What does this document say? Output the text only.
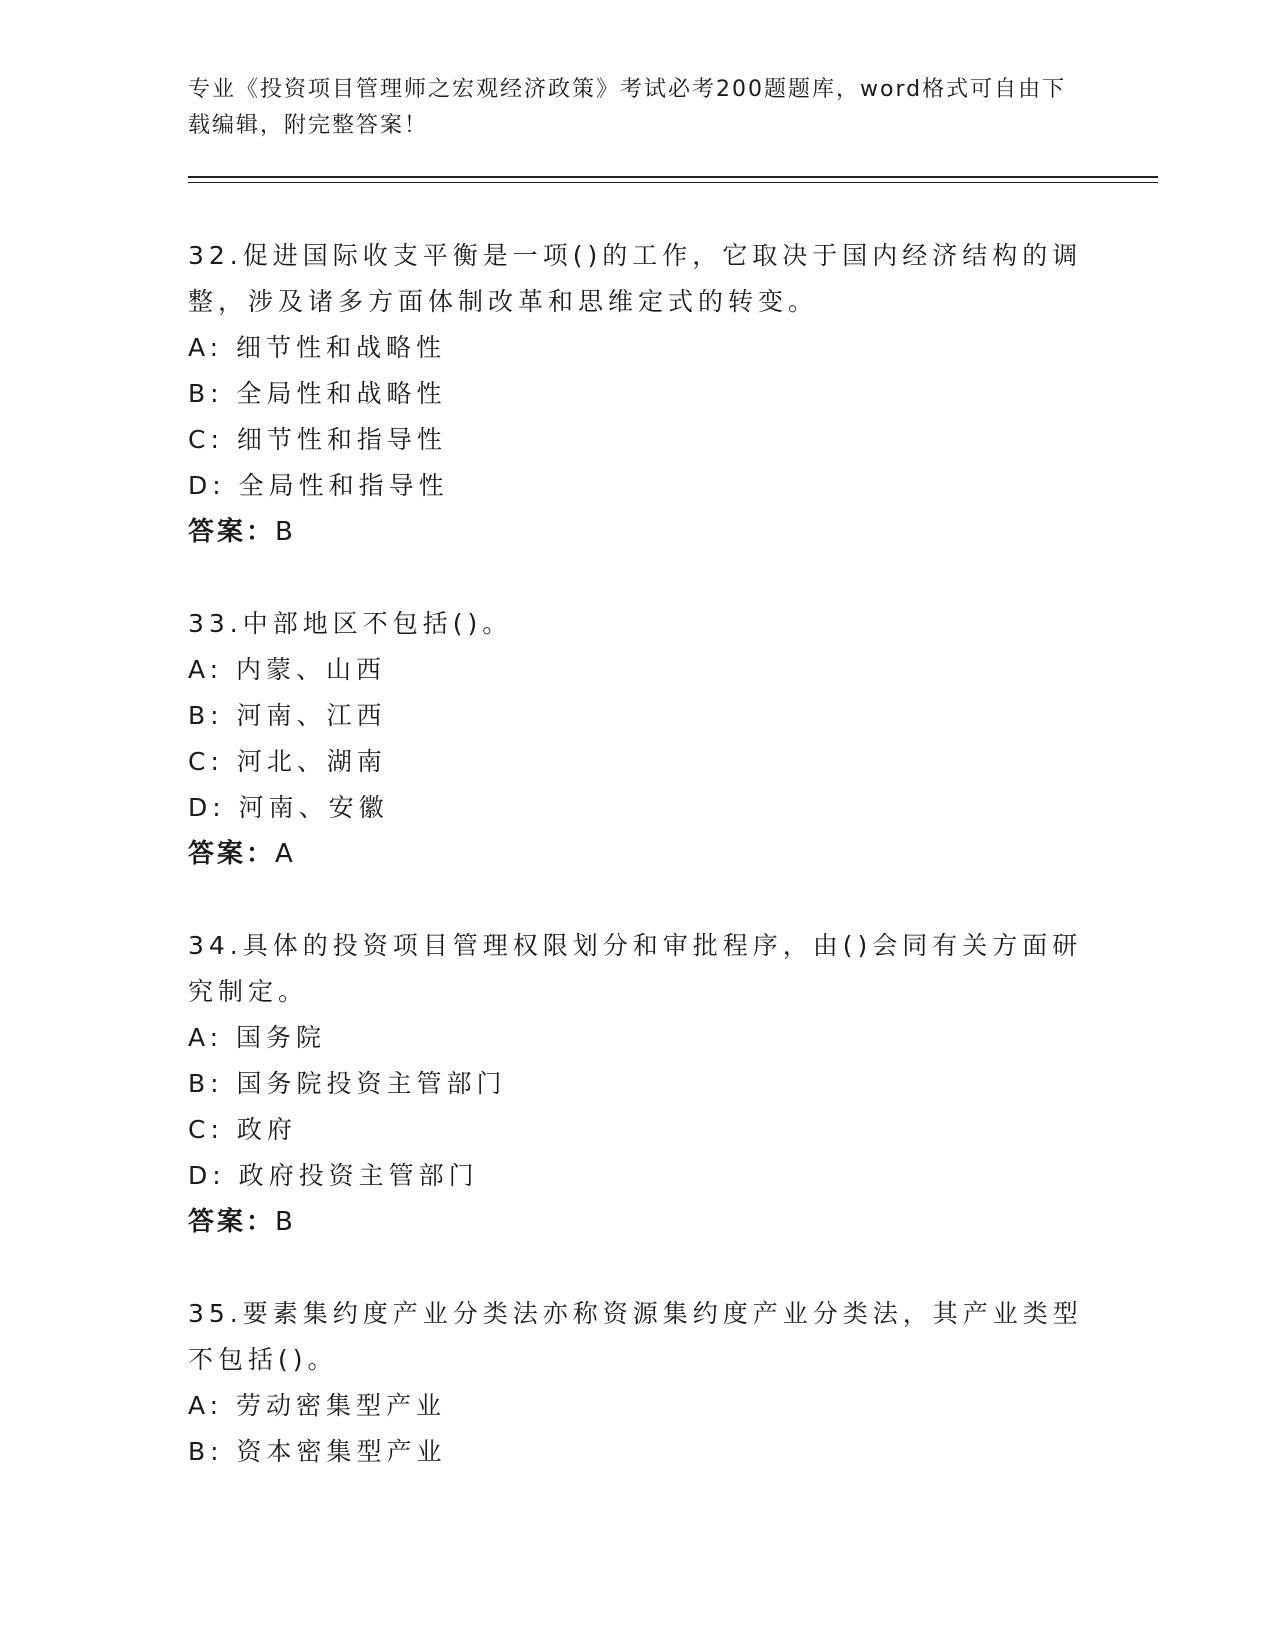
专业《投资项目管理师之宏观经济政策》考试必考200题题库，word格式可自由下载编辑，附完整答案！

32.促进国际收支平衡是一项()的工作，它取决于国内经济结构的调整，涉及诸多方面体制改革和思维定式的转变。

A: 细节性和战略性

B: 全局性和战略性

C: 细节性和指导性

D: 全局性和指导性

答案：B

33.中部地区不包括()。

A: 内蒙、山西

B: 河南、江西

C: 河北、湖南

D: 河南、安徽

答案：A

34.具体的投资项目管理权限划分和审批程序，由()会同有关方面研究制定。

A: 国务院

B: 国务院投资主管部门

C: 政府

D: 政府投资主管部门

答案：B

35.要素集约度产业分类法亦称资源集约度产业分类法，其产业类型不包括()。

A: 劳动密集型产业

B: 资本密集型产业
